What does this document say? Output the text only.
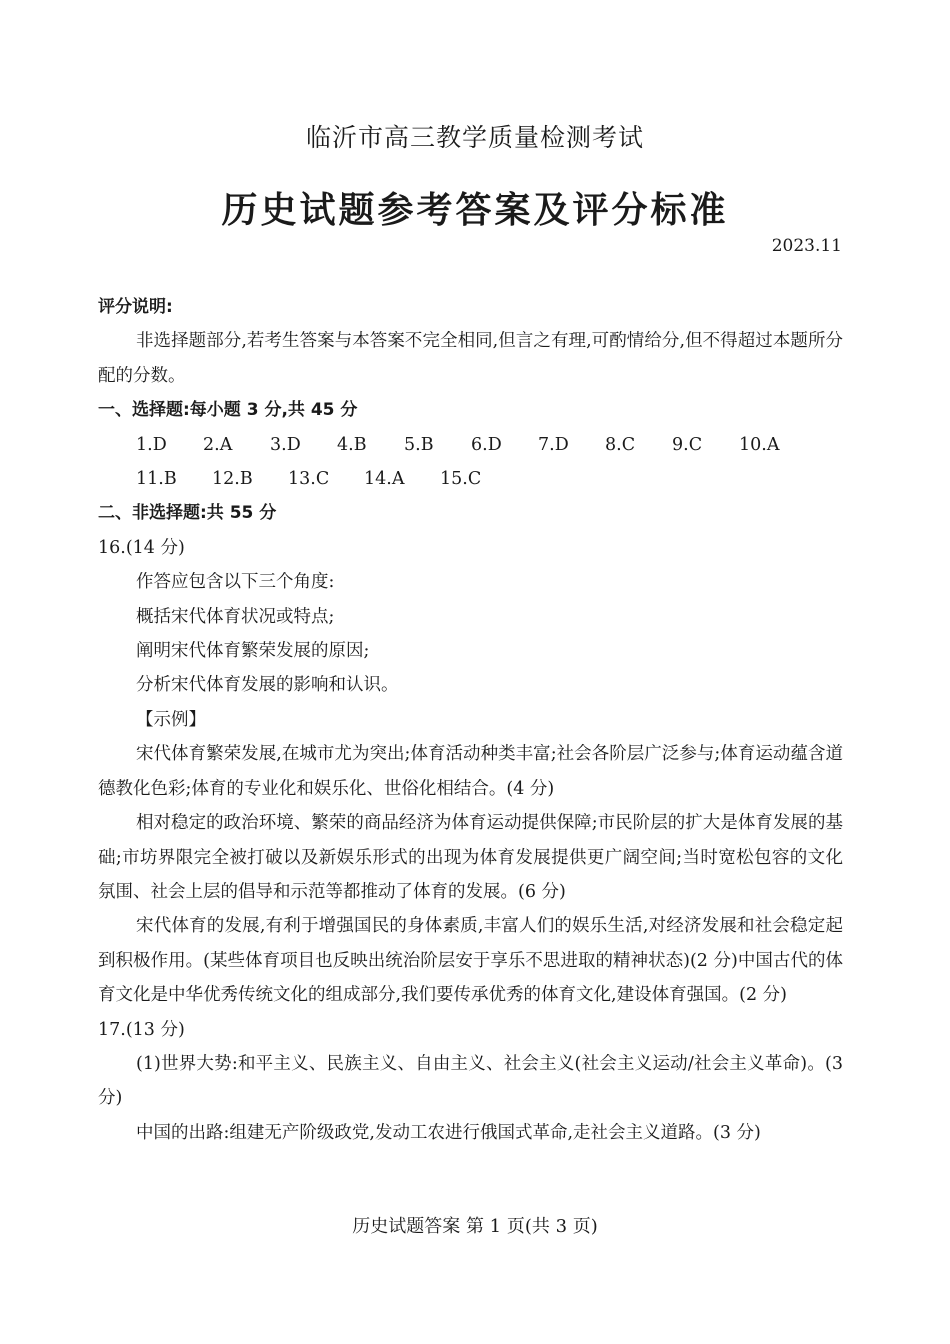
临沂市高三教学质量检测考试
历史试题参考答案及评分标准
2023.11

评分说明:

非选择题部分,若考生答案与本答案不完全相同,但言之有理,可酌情给分,但不得超过本题所分配的分数。

一、选择题:每小题 3 分,共 45 分

1.D	2.A	3.D	4.B	5.B	6.D	7.D	8.C	9.C	10.A
11.B	12.B	13.C	14.A	15.C

二、非选择题:共 55 分

16.(14 分)

作答应包含以下三个角度:

概括宋代体育状况或特点;

阐明宋代体育繁荣发展的原因;

分析宋代体育发展的影响和认识。

【示例】

宋代体育繁荣发展,在城市尤为突出;体育活动种类丰富;社会各阶层广泛参与;体育运动蕴含道德教化色彩;体育的专业化和娱乐化、世俗化相结合。(4 分)

相对稳定的政治环境、繁荣的商品经济为体育运动提供保障;市民阶层的扩大是体育发展的基础;市坊界限完全被打破以及新娱乐形式的出现为体育发展提供更广阔空间;当时宽松包容的文化氛围、社会上层的倡导和示范等都推动了体育的发展。(6 分)

宋代体育的发展,有利于增强国民的身体素质,丰富人们的娱乐生活,对经济发展和社会稳定起到积极作用。(某些体育项目也反映出统治阶层安于享乐不思进取的精神状态)(2 分)中国古代的体育文化是中华优秀传统文化的组成部分,我们要传承优秀的体育文化,建设体育强国。(2 分)

17.(13 分)

(1)世界大势:和平主义、民族主义、自由主义、社会主义(社会主义运动/社会主义革命)。(3 分)

中国的出路:组建无产阶级政党,发动工农进行俄国式革命,走社会主义道路。(3 分)

历史试题答案 第 1 页(共 3 页)
